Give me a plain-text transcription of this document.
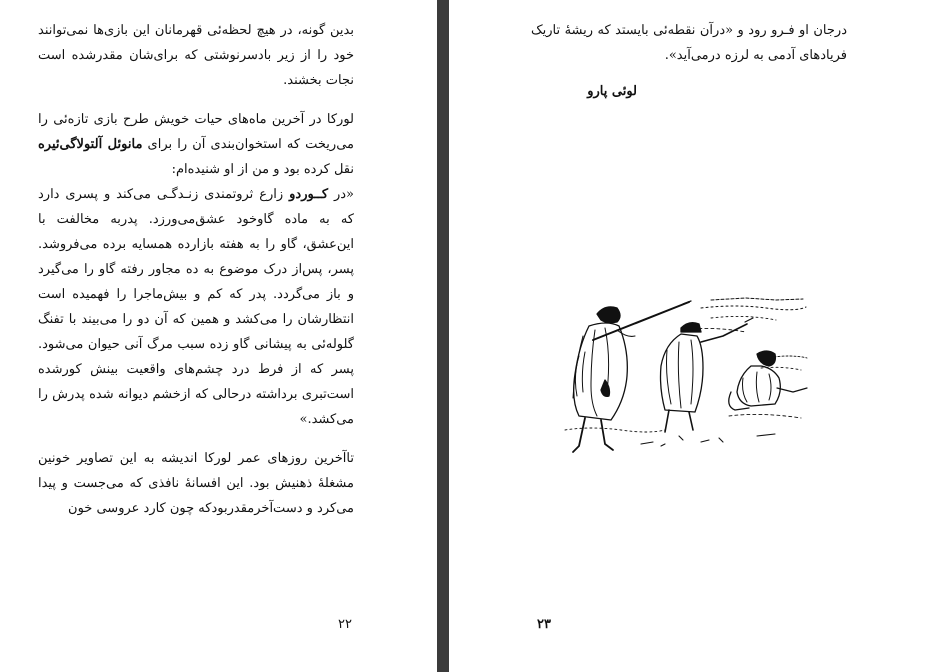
بدین گونه، در هیچ لحظه‌ئی قهرمانان این بازی‌ها نمی‌توانند خود را از زیر بادسرنوشتی که برای‌شان مقدرشده است نجات بخشند.

لورکا در آخرین ماه‌های حیات خویش طرح بازی تازه‌ئی را می‌ریخت که استخوان‌بندی آن را برای مانوئل آلتولاگی‌ئیره نقل کرده بود و من از او شنیده‌ام:

«در کــوردو زارع ثروتمندی زنـدگـی می‌کند و پسری دارد که به ماده گاوخود عشق‌می‌ورزد. پدربه مخالفت با این‌عشق، گاو را به هفته بازارده همسایه برده می‌فروشد. پسر، پس‌از درک موضوع به ده مجاور رفته گاو را می‌گیرد و باز می‌گردد. پدر که کم و بیش‌ماجرا را فهمیده است انتظارشان را می‌کشد و همین که آن دو را می‌بیند با تفنگ گلوله‌ئی به پیشانی گاو زده سبب مرگ آنی حیوان می‌شود. پسر که از فرط درد چشم‌های واقعیت بینش کورشده است‌تبری برداشته درحالی که ازخشم دیوانه شده پدرش را می‌کشد.»

تاآخرین روزهای عمر لورکا اندیشه به این تصاویر خونین مشغلهٔ ذهنیش بود. این افسانهٔ نافذی که می‌جست و پیدا می‌کرد و دست‌آخرمقدربودکه چون کارد عروسی خون

۲۲
درجان او فـرو رود و «درآن نقطه‌ئی بایستد که ریشهٔ تاریک فریادهای آدمی به لرزه درمی‌آید».
لوئی پارو
۲۳
